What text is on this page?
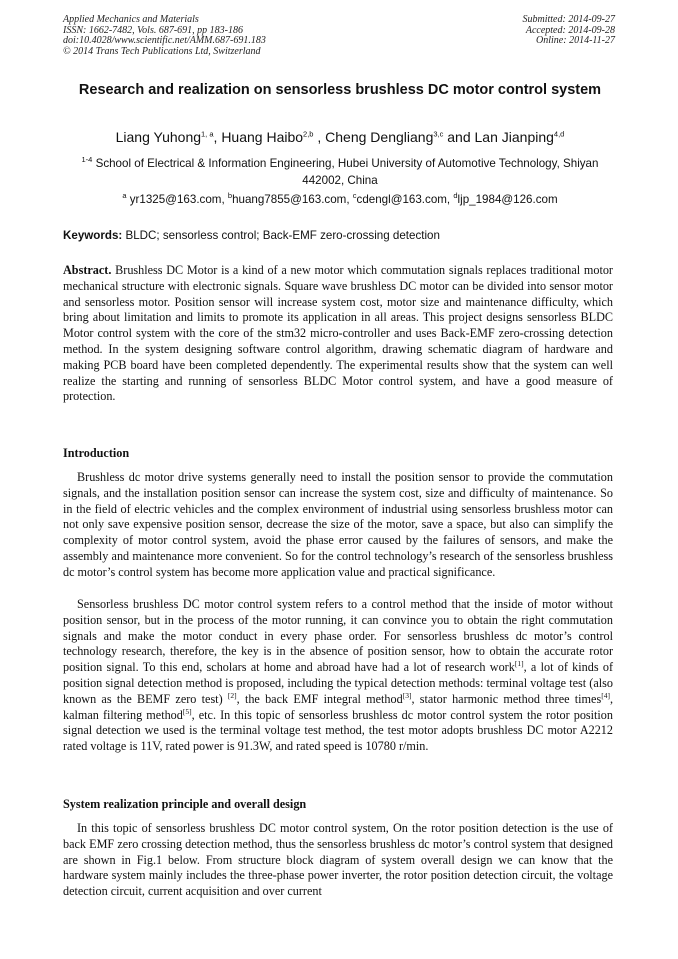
Applied Mechanics and Materials
ISSN: 1662-7482, Vols. 687-691, pp 183-186
doi:10.4028/www.scientific.net/AMM.687-691.183
© 2014 Trans Tech Publications Ltd, Switzerland
Submitted: 2014-09-27
Accepted: 2014-09-28
Online: 2014-11-27
Research and realization on sensorless brushless DC motor control system
Liang Yuhong$^{1, a}$, Huang Haibo$^{2,b}$ , Cheng Dengliang$^{3,c}$ and Lan Jianping$^{4,d}$
$^{1-4}$ School of Electrical & Information Engineering, Hubei University of Automotive Technology, Shiyan 442002, China
$^a$ yr1325@163.com, $^b$huang7855@163.com, $^c$cdengl@163.com, $^d$ljp_1984@126.com
Keywords: BLDC; sensorless control; Back-EMF zero-crossing detection
Abstract. Brushless DC Motor is a kind of a new motor which commutation signals replaces traditional motor mechanical structure with electronic signals. Square wave brushless DC motor can be divided into sensor motor and sensorless motor. Position sensor will increase system cost, motor size and maintenance difficulty, which bring about limitation and limits to promote its application in all areas. This project designs sensorless BLDC Motor control system with the core of the stm32 micro-controller and uses Back-EMF zero-crossing detection method. In the system designing software control algorithm, drawing schematic diagram of hardware and making PCB board have been completed dependently. The experimental results show that the system can well realize the starting and running of sensorless BLDC Motor control system, and have a good measure of protection.
Introduction
Brushless dc motor drive systems generally need to install the position sensor to provide the commutation signals, and the installation position sensor can increase the system cost, size and difficulty of maintenance. So in the field of electric vehicles and the complex environment of industrial using sensorless brushless motor can not only save expensive position sensor, decrease the size of the motor, save a space, but also can simplify the complexity of motor control system, avoid the phase error caused by the failures of sensors, and make the assembly and maintenance more convenient. So for the control technology’s research of the sensorless brushless dc motor’s control system has become more application value and practical significance.
Sensorless brushless DC motor control system refers to a control method that the inside of motor without position sensor, but in the process of the motor running, it can convince you to obtain the right commutation signals and make the motor conduct in every phase order. For sensorless brushless dc motor’s control technology research, therefore, the key is in the absence of position sensor, how to obtain the accurate rotor position signal. To this end, scholars at home and abroad have had a lot of research work[1], a lot of kinds of position signal detection method is proposed, including the typical detection methods: terminal voltage test (also known as the BEMF zero test) [2], the back EMF integral method[3], stator harmonic method three times[4], kalman filtering method[5], etc. In this topic of sensorless brushless dc motor control system the rotor position signal detection we used is the terminal voltage test method, the test motor adopts brushless DC motor A2212 rated voltage is 11V, rated power is 91.3W, and rated speed is 10780 r/min.
System realization principle and overall design
In this topic of sensorless brushless DC motor control system, On the rotor position detection is the use of back EMF zero crossing detection method, thus the sensorless brushless dc motor’s control system that designed are shown in Fig.1 below. From structure block diagram of system overall design we can know that the hardware system mainly includes the three-phase power inverter, the rotor position detection circuit, the voltage detection circuit, current acquisition and over current
